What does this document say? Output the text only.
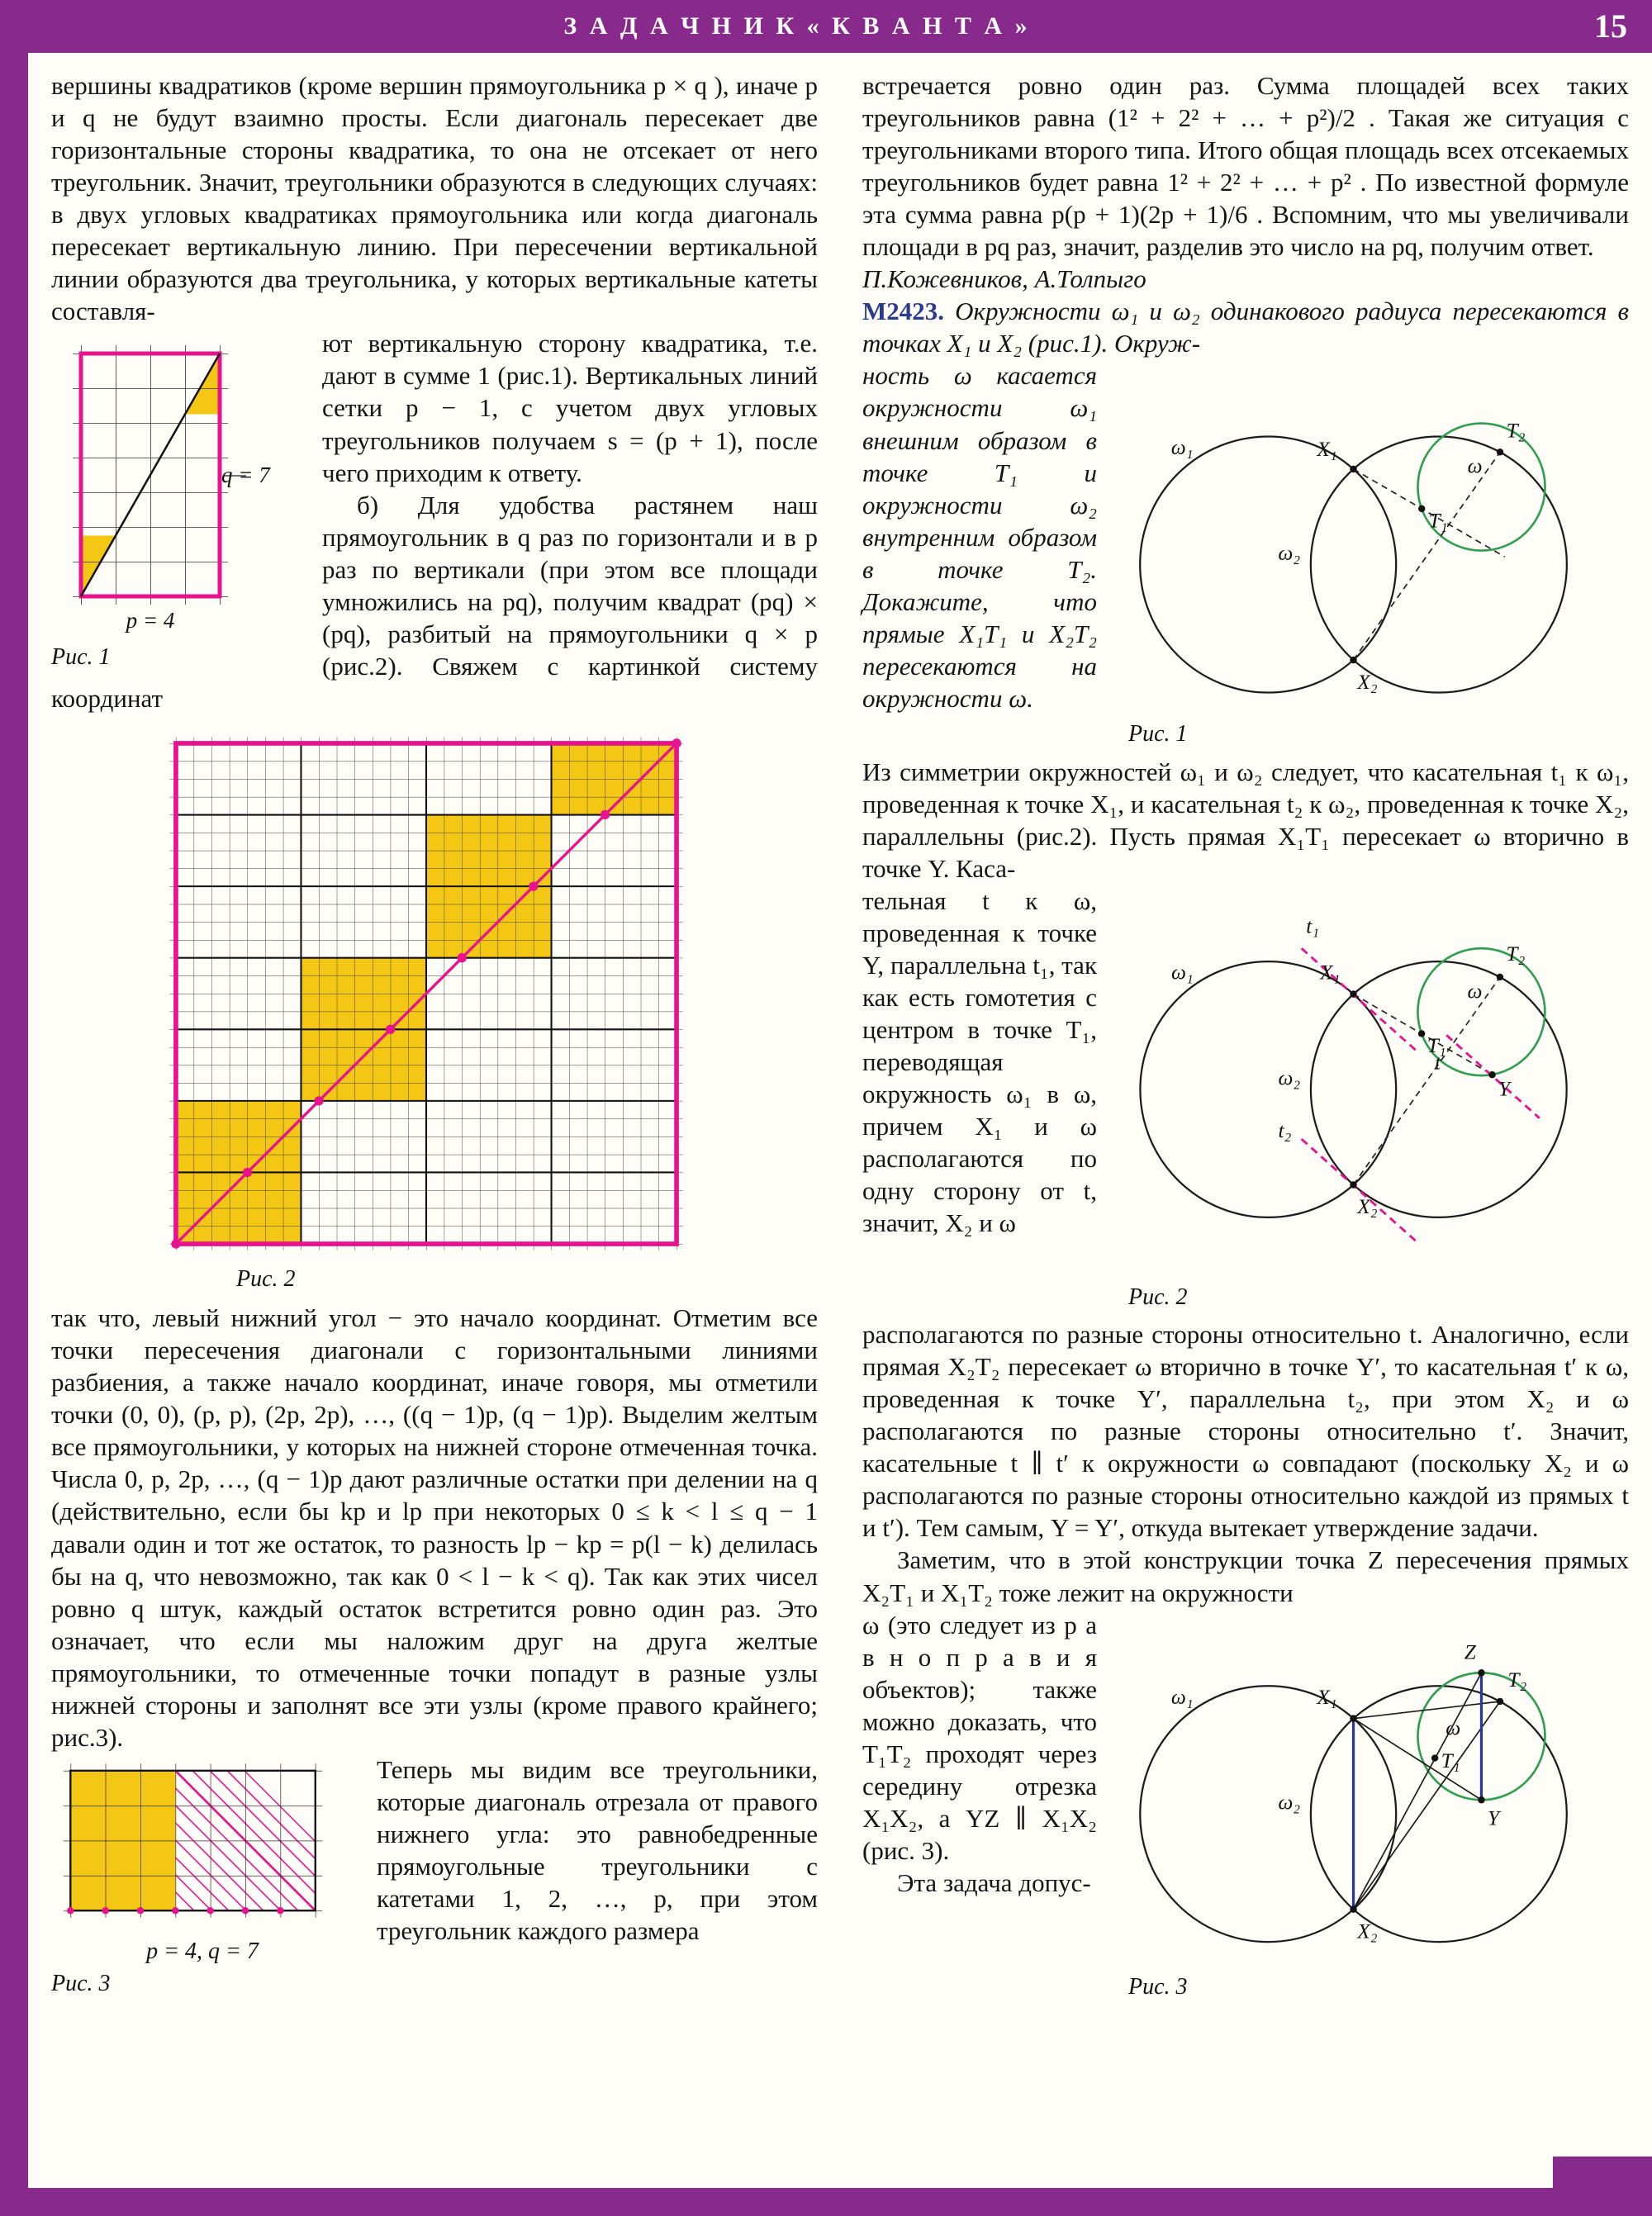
З А Д А Ч Н И К « К В А Н Т А »	15

вершины квадратиков (кроме вершин прямоугольника p × q ), иначе p и q не будут взаимно просты. Если диагональ пересекает две горизонтальные стороны квадратика, то она не отсекает от него треугольник. Значит, треугольники образуются в следующих случаях: в двух угловых квадратиках прямоугольника или когда диагональ пересекает вертикальную линию. При пересечении вертикальной линии образуются два треугольника, у которых вертикальные катеты составля-

q = 7
p = 4
Рис. 1

ют вертикальную сторону квадратика, т.е. дают в сумме 1 (рис.1). Вертикальных линий сетки p − 1, с учетом двух угловых треугольников получаем s = (p + 1), после чего приходим к ответу.

б) Для удобства растянем наш прямоугольник в q раз по горизонтали и в p раз по вертикали (при этом все площади умножились на pq), получим квадрат (pq) × (pq), разбитый на прямоугольники q × p (рис.2). Свяжем с картинкой систему координат

Рис. 2

так что, левый нижний угол − это начало координат. Отметим все точки пересечения диагонали с горизонтальными линиями разбиения, а также начало координат, иначе говоря, мы отметили точки (0, 0), (p, p), (2p, 2p), …, ((q − 1)p, (q − 1)p). Выделим желтым все прямоугольники, у которых на нижней стороне отмеченная точка. Числа 0, p, 2p, …, (q − 1)p дают различные остатки при делении на q (действительно, если бы kp и lp при некоторых 0 ≤ k < l ≤ q − 1 давали один и тот же остаток, то разность lp − kp = p(l − k) делилась бы на q, что невозможно, так как 0 < l − k < q). Так как этих чисел ровно q штук, каждый остаток встретится ровно один раз. Это означает, что если мы наложим друг на друга желтые прямоугольники, то отмеченные точки попадут в разные узлы нижней стороны и заполнят все эти узлы (кроме правого крайнего; рис.3).

p = 4, q = 7
Рис. 3

Теперь мы видим все треугольники, которые диагональ отрезала от правого нижнего угла: это равнобедренные прямоугольные треугольники с катетами 1, 2, …, p, при этом треугольник каждого размера

встречается ровно один раз. Сумма площадей всех таких треугольников равна (1² + 2² + … + p²)/2 . Такая же ситуация с треугольниками второго типа. Итого общая площадь всех отсекаемых треугольников будет равна 1² + 2² + … + p² . По известной формуле эта сумма равна p(p + 1)(2p + 1)/6 . Вспомним, что мы увеличивали площади в pq раз, значит, разделив это число на pq, получим ответ.

П.Кожевников, А.Толпыго

М2423. Окружности ω₁ и ω₂ одинакового радиуса пересекаются в точках X₁ и X₂ (рис.1). Окруж-

ω₁	X₁
T₂
ω
ω₂
T₁
X₂
Рис. 1

ность ω касается окружности ω₁ внешним образом в точке T₁ и окружности ω₂ внутренним образом в точке T₂. Докажите, что прямые X₁T₁ и X₂T₂ пересекаются на окружности ω.

Из симметрии окружностей ω₁ и ω₂ следует, что касательная t₁ к ω₁, проведенная к точке X₁, и касательная t₂ к ω₂, проведенная к точке X₂, параллельны (рис.2). Пусть прямая X₁T₁ пересекает ω вторично в точке Y. Каса-

ω₁
t₁
X₁
T₂
ω
ω₂
T₁
t
Y
t₂
X₂
Рис. 2

тельная t к ω, проведенная к точке Y, параллельна t₁, так как есть гомотетия с центром в точке T₁, переводящая окружность ω₁ в ω, причем X₁ и ω располагаются по одну сторону от t, значит, X₂ и ω

располагаются по разные стороны относительно t. Аналогично, если прямая X₂T₂ пересекает ω вторично в точке Y′, то касательная t′ к ω, проведенная к точке Y′, параллельна t₂, при этом X₂ и ω располагаются по разные стороны относительно t′. Значит, касательные t ∥ t′ к окружности ω совпадают (поскольку X₂ и ω располагаются по разные стороны относительно каждой из прямых t и t′). Тем самым, Y = Y′, откуда вытекает утверждение задачи.

Заметим, что в этой конструкции точка Z пересечения прямых X₂T₁ и X₁T₂ тоже лежит на окружности

ω₁	X₁
Z
T₂
ω
ω₂
T₁
Y
X₂
Рис. 3

ω (это следует из р а в н о п р а в и я объектов); также можно доказать, что T₁T₂ проходят через середину отрезка X₁X₂, а YZ ∥ X₁X₂ (рис. 3).

Эта задача допус-
